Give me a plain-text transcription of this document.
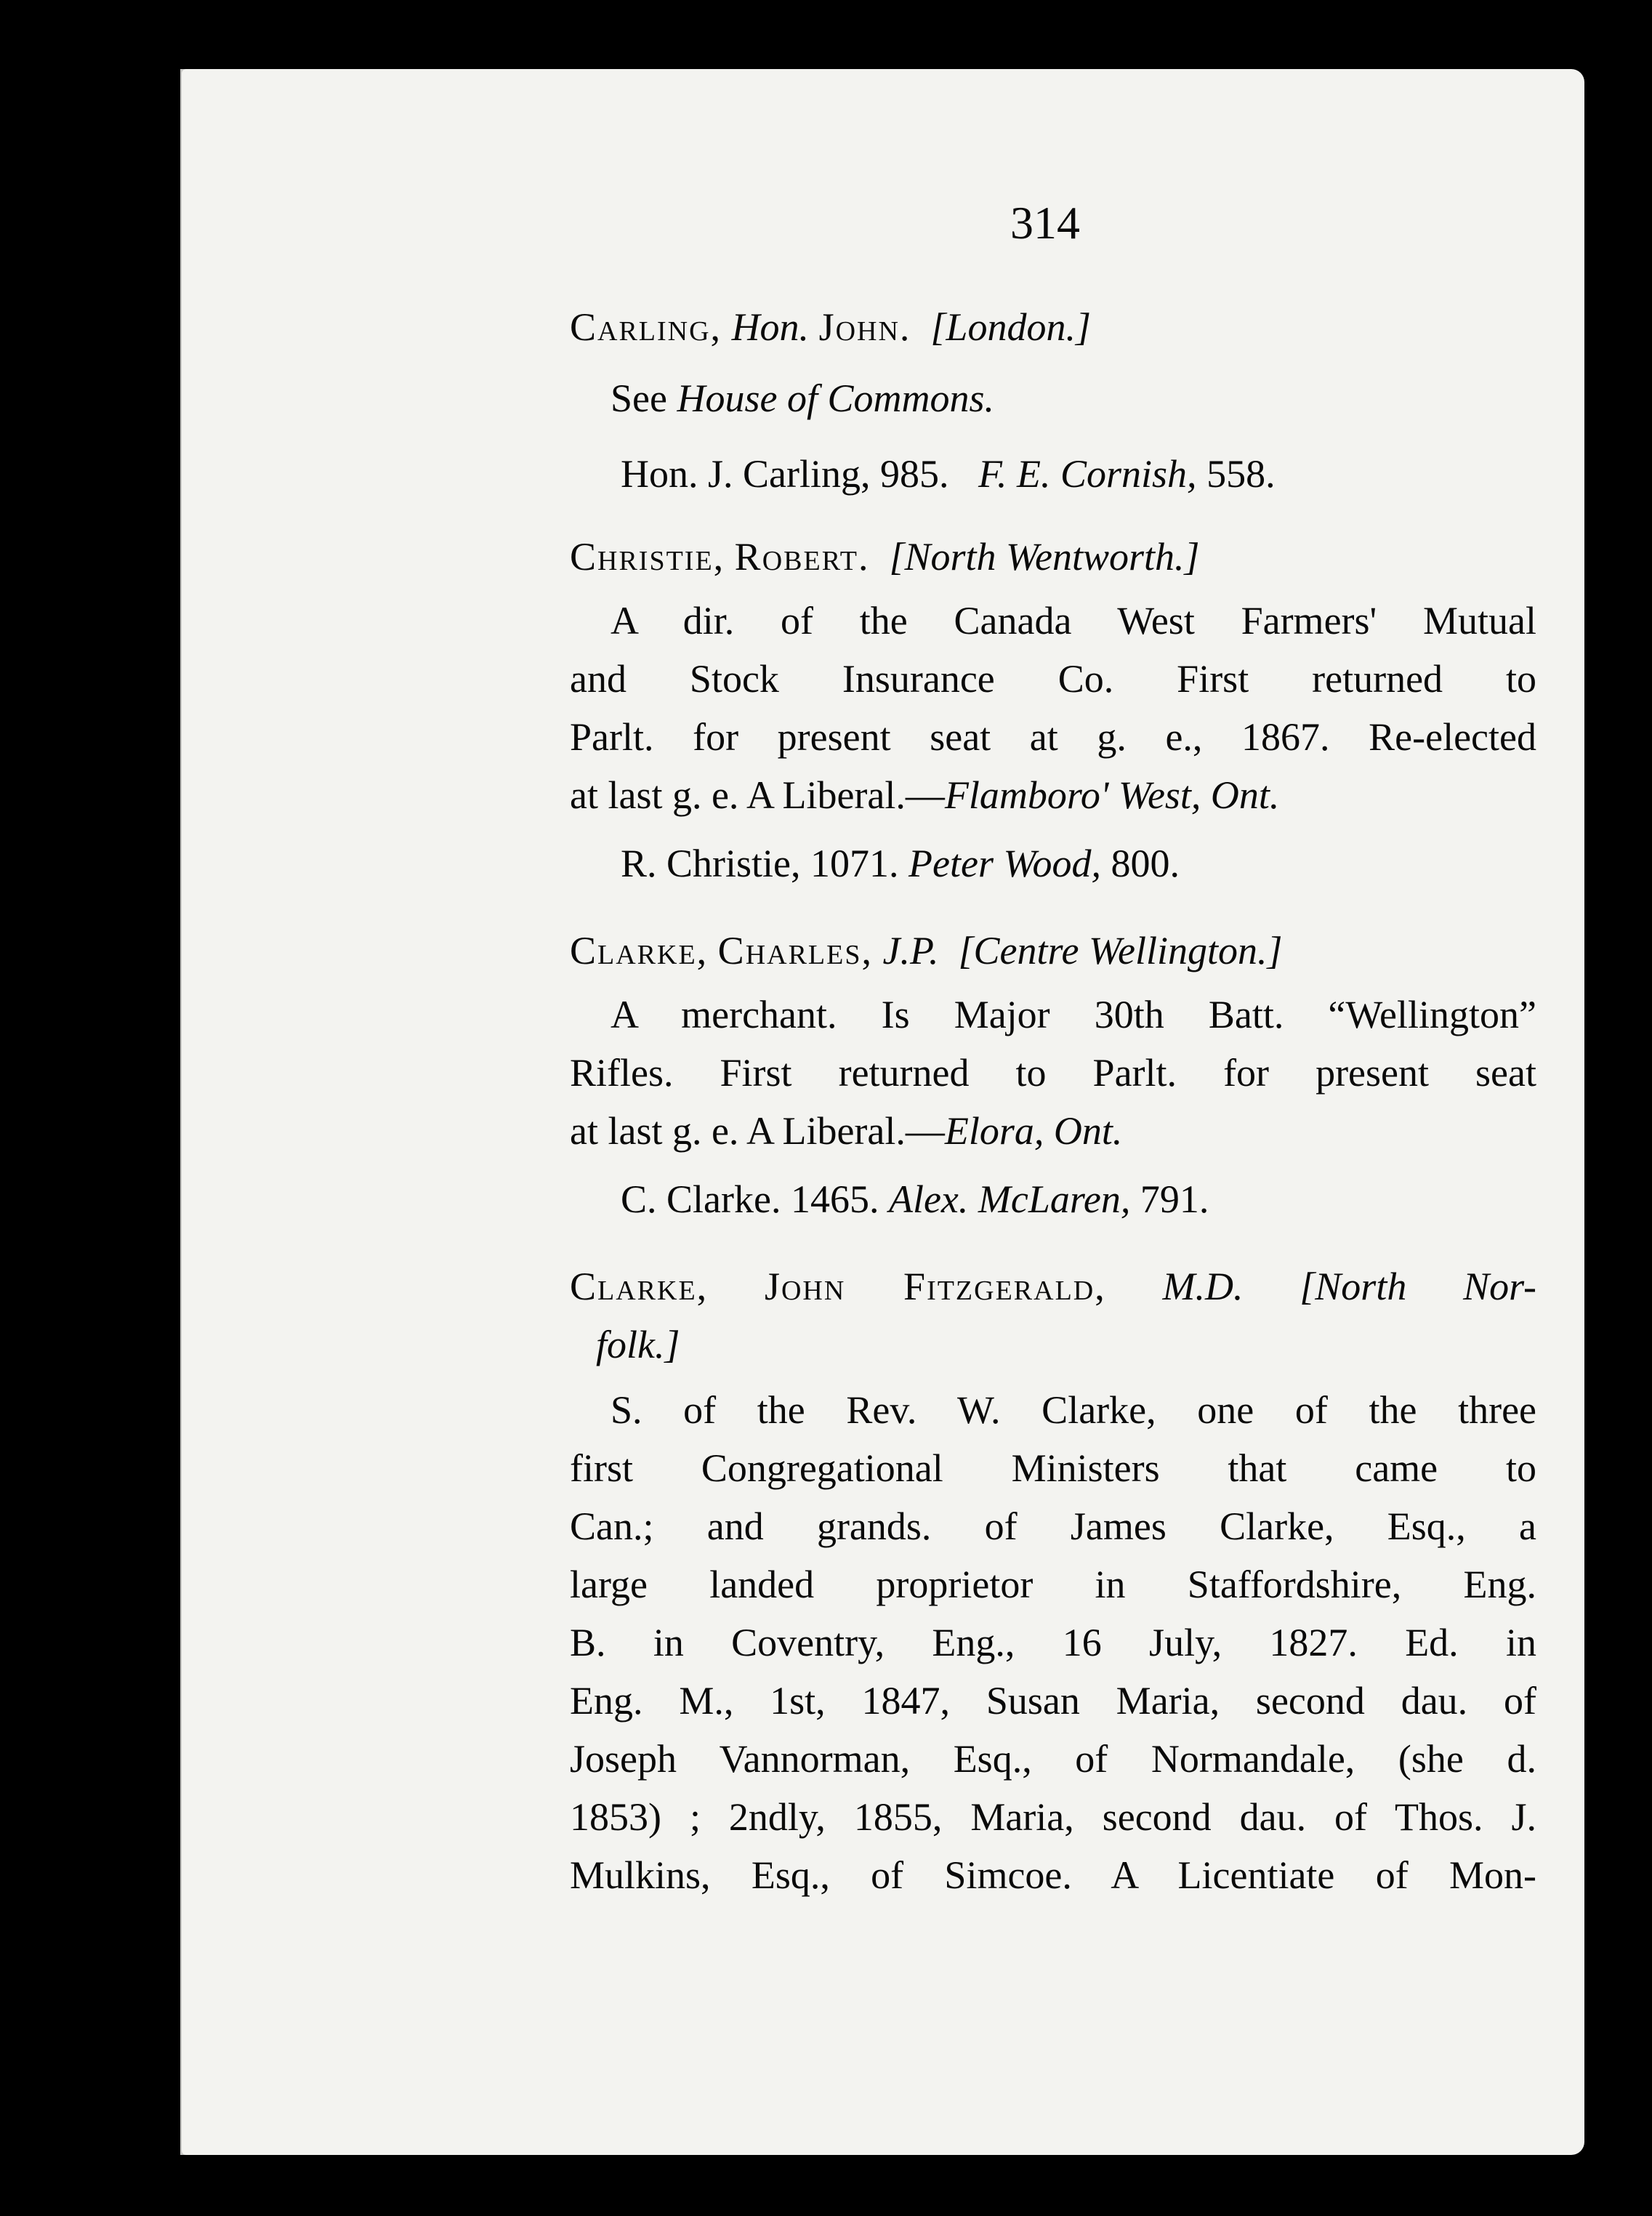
314

Carling, Hon. John. [London.]

See House of Commons.

Hon. J. Carling, 985. F. E. Cornish, 558.

Christie, Robert. [North Wentworth.]

A dir. of the Canada West Farmers' Mutual
and Stock Insurance Co. First returned to
Parlt. for present seat at g. e., 1867. Re-elected
at last g. e. A Liberal.—Flamboro' West, Ont.

R. Christie, 1071. Peter Wood, 800.

Clarke, Charles, J.P. [Centre Wellington.]

A merchant. Is Major 30th Batt. “Wellington”
Rifles. First returned to Parlt. for present seat
at last g. e. A Liberal.—Elora, Ont.

C. Clarke. 1465. Alex. McLaren, 791.

Clarke, John Fitzgerald, M.D. [North Nor-
folk.]

S. of the Rev. W. Clarke, one of the three
first Congregational Ministers that came to
Can.; and grands. of James Clarke, Esq., a
large landed proprietor in Staffordshire, Eng.
B. in Coventry, Eng., 16 July, 1827. Ed. in
Eng. M., 1st, 1847, Susan Maria, second dau. of
Joseph Vannorman, Esq., of Normandale, (she d.
1853) ; 2ndly, 1855, Maria, second dau. of Thos. J.
Mulkins, Esq., of Simcoe. A Licentiate of Mon-
